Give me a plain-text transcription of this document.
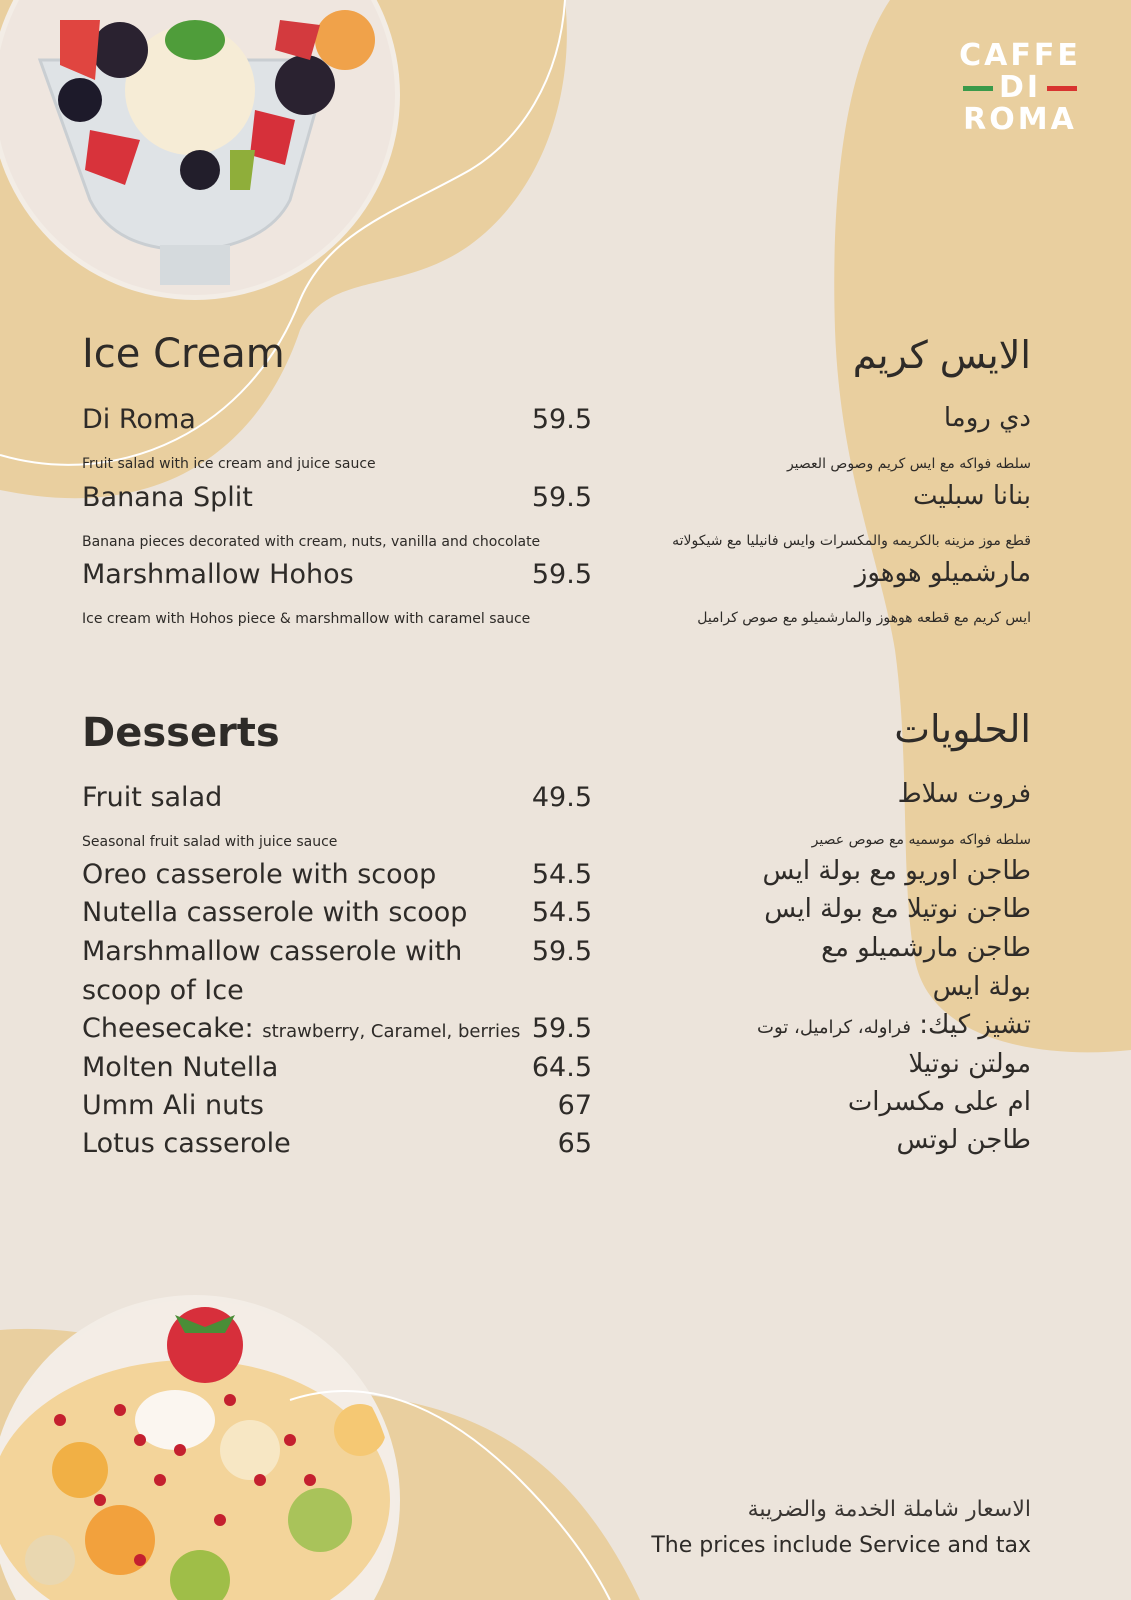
CAFFE
DI
ROMA
Ice Cream	الايس كريم
Di Roma	59.5	دي روما
Fruit salad with ice cream and juice sauce	سلطه فواكه مع ايس كريم وصوص العصير
Banana Split	59.5	بنانا سبليت
Banana pieces decorated with cream, nuts, vanilla and chocolate	قطع موز مزينه بالكريمه والمكسرات وايس فانيليا مع شيكولاته
Marshmallow Hohos	59.5	مارشميلو هوهوز
Ice cream with Hohos piece & marshmallow with caramel sauce	ايس كريم مع قطعه هوهوز والمارشميلو مع صوص كراميل
Desserts	الحلويات
Fruit salad	49.5	فروت سلاط
Seasonal fruit salad with juice sauce	سلطه فواكه موسميه مع صوص عصير
Oreo casserole with scoop	54.5	طاجن اوريو مع بولة ايس
Nutella casserole with scoop	54.5	طاجن نوتيلا مع بولة ايس
Marshmallow casserole with	59.5	طاجن مارشميلو مع
scoop of Ice	بولة ايس
Cheesecake: strawberry, Caramel, berries 59.5	تشيز كيك: فراوله، كراميل، توت
Molten Nutella	64.5	مولتن نوتيلا
Umm Ali nuts	67	ام على مكسرات
Lotus casserole	65	طاجن لوتس
الاسعار شاملة الخدمة والضريبة
The prices include Service and tax
